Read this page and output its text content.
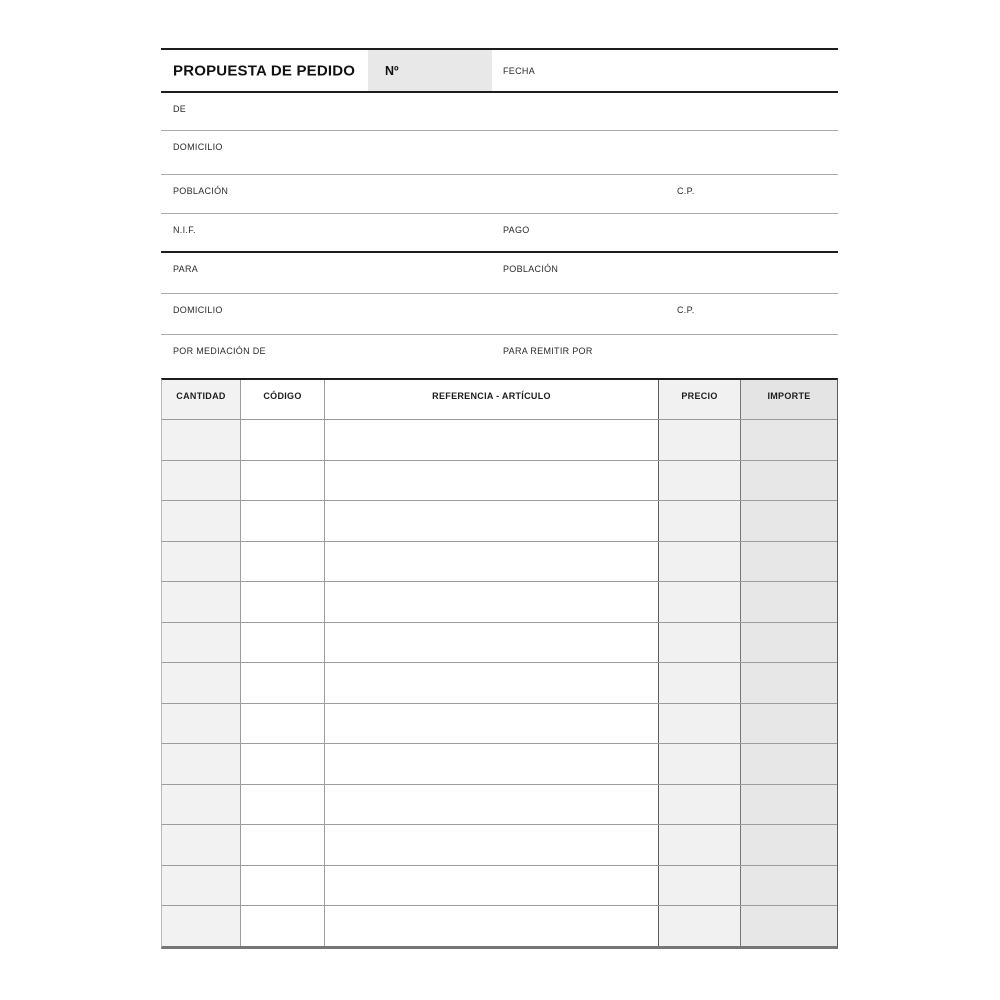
PROPUESTA DE PEDIDO Nº	FECHA
DE
DOMICILIO
POBLACIÓN	C.P.
N.I.F.	PAGO
PARA	POBLACIÓN
DOMICILIO	C.P.
POR MEDIACIÓN DE	PARA REMITIR POR
CANTIDAD	CÓDIGO	REFERENCIA - ARTÍCULO	PRECIO	IMPORTE
